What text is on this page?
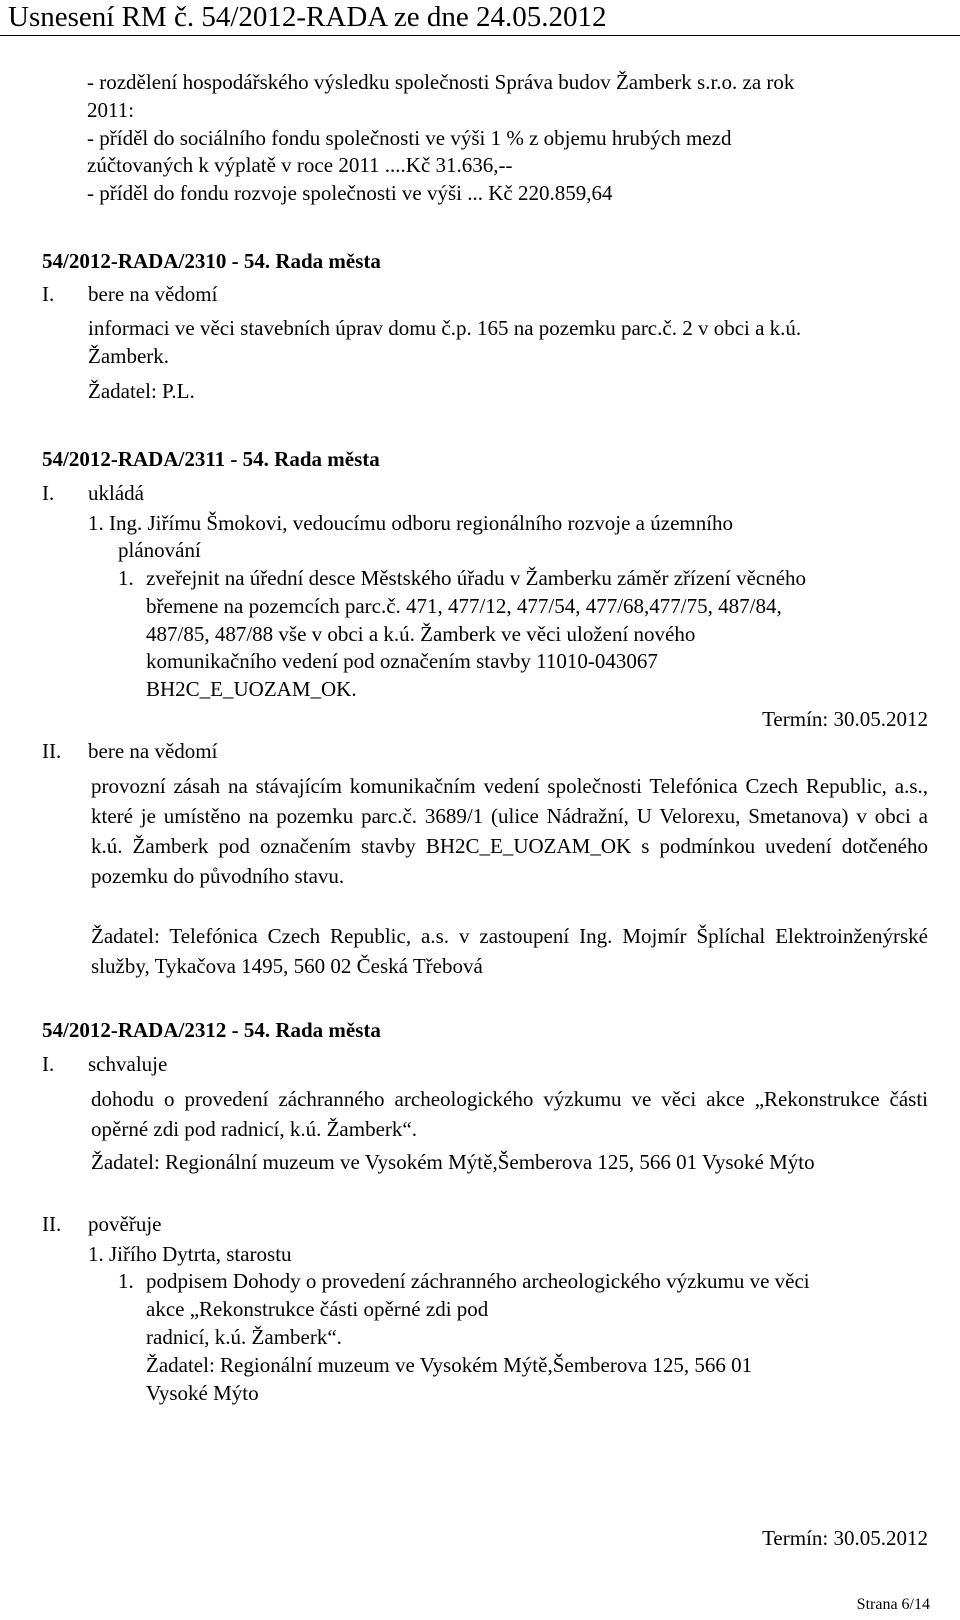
Usnesení RM č. 54/2012-RADA ze dne 24.05.2012
- rozdělení hospodářského výsledku společnosti Správa budov Žamberk s.r.o. za rok
2011:
- příděl do sociálního fondu společnosti ve výši 1 % z objemu hrubých mezd
zúčtovaných k výplatě v roce 2011 ....Kč 31.636,--
- příděl do fondu rozvoje společnosti ve výši ... Kč 220.859,64
54/2012-RADA/2310 - 54. Rada města
I. bere na vědomí
informaci ve věci stavebních úprav domu č.p. 165 na pozemku parc.č. 2 v obci a k.ú.
Žamberk.
Žadatel: P.L.
54/2012-RADA/2311 - 54. Rada města
I. ukládá
1. Ing. Jiřímu Šmokovi, vedoucímu odboru regionálního rozvoje a územního
plánování
1. zveřejnit na úřední desce Městského úřadu v Žamberku záměr zřízení věcného
břemene na pozemcích parc.č. 471, 477/12, 477/54, 477/68,477/75, 487/84,
487/85, 487/88 vše v obci a k.ú. Žamberk ve věci uložení nového
komunikačního vedení pod označením stavby 11010-043067
BH2C_E_UOZAM_OK.
Termín: 30.05.2012
II. bere na vědomí

provozní zásah na stávajícím komunikačním vedení společnosti Telefónica Czech Republic, a.s., které je umístěno na pozemku parc.č. 3689/1 (ulice Nádražní, U Velorexu, Smetanova) v obci a k.ú. Žamberk pod označením stavby BH2C_E_UOZAM_OK s podmínkou uvedení dotčeného pozemku do původního stavu.

Žadatel: Telefónica Czech Republic, a.s. v zastoupení Ing. Mojmír Šplíchal Elektroinženýrské služby, Tykačova 1495, 560 02 Česká Třebová

54/2012-RADA/2312 - 54. Rada města
I. schvaluje

dohodu o provedení záchranného archeologického výzkumu ve věci akce „Rekonstrukce části opěrné zdi pod radnicí, k.ú. Žamberk“.

Žadatel: Regionální muzeum ve Vysokém Mýtě,Šemberova 125, 566 01 Vysoké Mýto

II. pověřuje
1. Jiřího Dytrta, starostu
1. podpisem Dohody o provedení záchranného archeologického výzkumu ve věci
akce „Rekonstrukce části opěrné zdi pod
radnicí, k.ú. Žamberk“.
Žadatel: Regionální muzeum ve Vysokém Mýtě,Šemberova 125, 566 01
Vysoké Mýto
Termín: 30.05.2012
Strana 6/14
